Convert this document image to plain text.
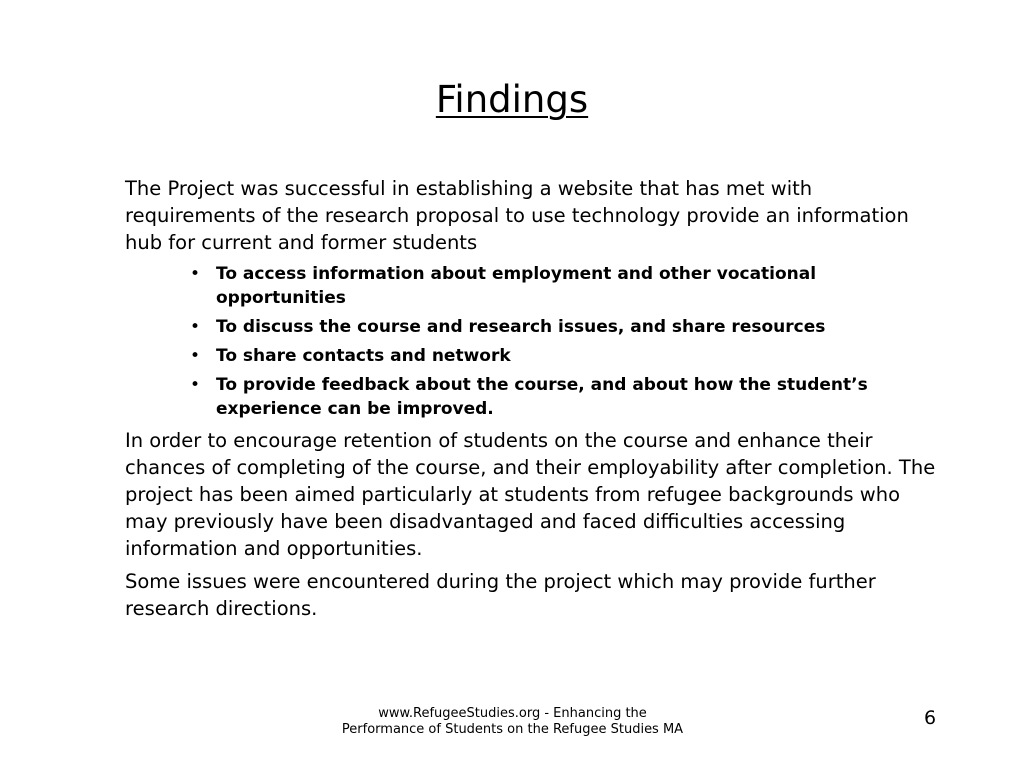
Findings

The Project was successful in establishing a website that has met with requirements of the research proposal to use technology provide an information hub for current and former students

• To access information about employment and other vocational opportunities
• To discuss the course and research issues, and share resources
• To share contacts and network
• To provide feedback about the course, and about how the student’s experience can be improved.

In order to encourage retention of students on the course and enhance their chances of completing of the course, and their employability after completion. The project has been aimed particularly at students from refugee backgrounds who may previously have been disadvantaged and faced difficulties accessing information and opportunities.

Some issues were encountered during the project which may provide further research directions.

www.RefugeeStudies.org - Enhancing the Performance of Students on the Refugee Studies MA
6
